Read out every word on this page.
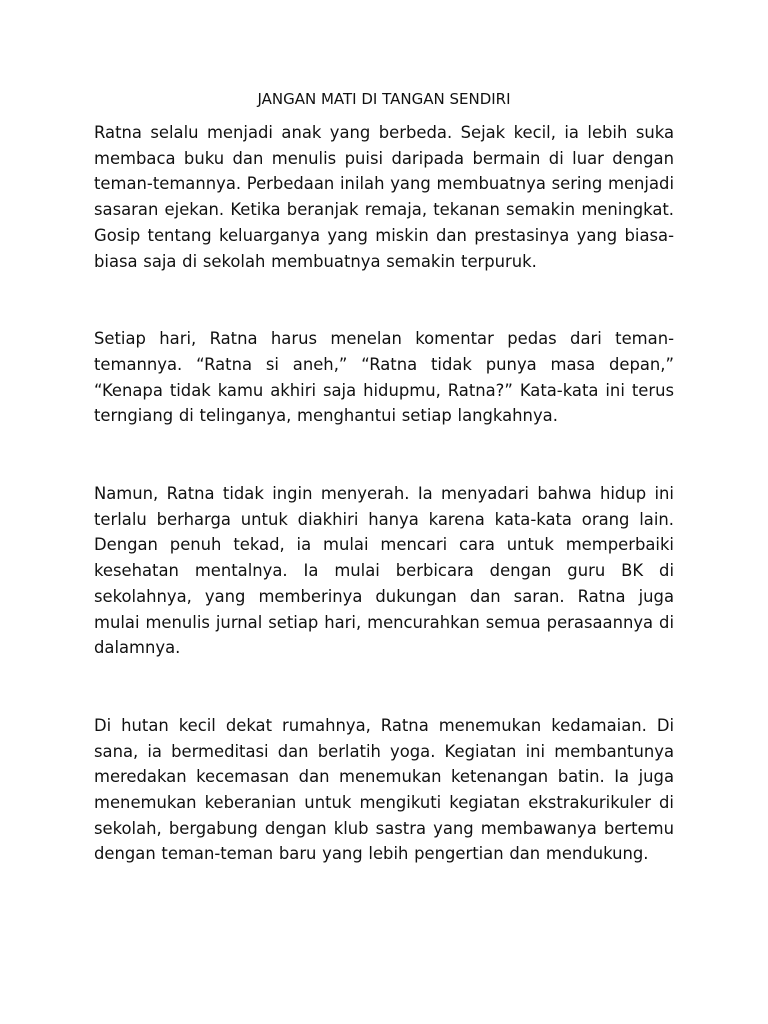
JANGAN MATI DI TANGAN SENDIRI

Ratna selalu menjadi anak yang berbeda. Sejak kecil, ia lebih suka membaca buku dan menulis puisi daripada bermain di luar dengan teman-temannya. Perbedaan inilah yang membuatnya sering menjadi sasaran ejekan. Ketika beranjak remaja, tekanan semakin meningkat. Gosip tentang keluarganya yang miskin dan prestasinya yang biasa-biasa saja di sekolah membuatnya semakin terpuruk.

Setiap hari, Ratna harus menelan komentar pedas dari teman-temannya. “Ratna si aneh,” “Ratna tidak punya masa depan,” “Kenapa tidak kamu akhiri saja hidupmu, Ratna?” Kata-kata ini terus terngiang di telinganya, menghantui setiap langkahnya.

Namun, Ratna tidak ingin menyerah. Ia menyadari bahwa hidup ini terlalu berharga untuk diakhiri hanya karena kata-kata orang lain. Dengan penuh tekad, ia mulai mencari cara untuk memperbaiki kesehatan mentalnya. Ia mulai berbicara dengan guru BK di sekolahnya, yang memberinya dukungan dan saran. Ratna juga mulai menulis jurnal setiap hari, mencurahkan semua perasaannya di dalamnya.

Di hutan kecil dekat rumahnya, Ratna menemukan kedamaian. Di sana, ia bermeditasi dan berlatih yoga. Kegiatan ini membantunya meredakan kecemasan dan menemukan ketenangan batin. Ia juga menemukan keberanian untuk mengikuti kegiatan ekstrakurikuler di sekolah, bergabung dengan klub sastra yang membawanya bertemu dengan teman-teman baru yang lebih pengertian dan mendukung.
